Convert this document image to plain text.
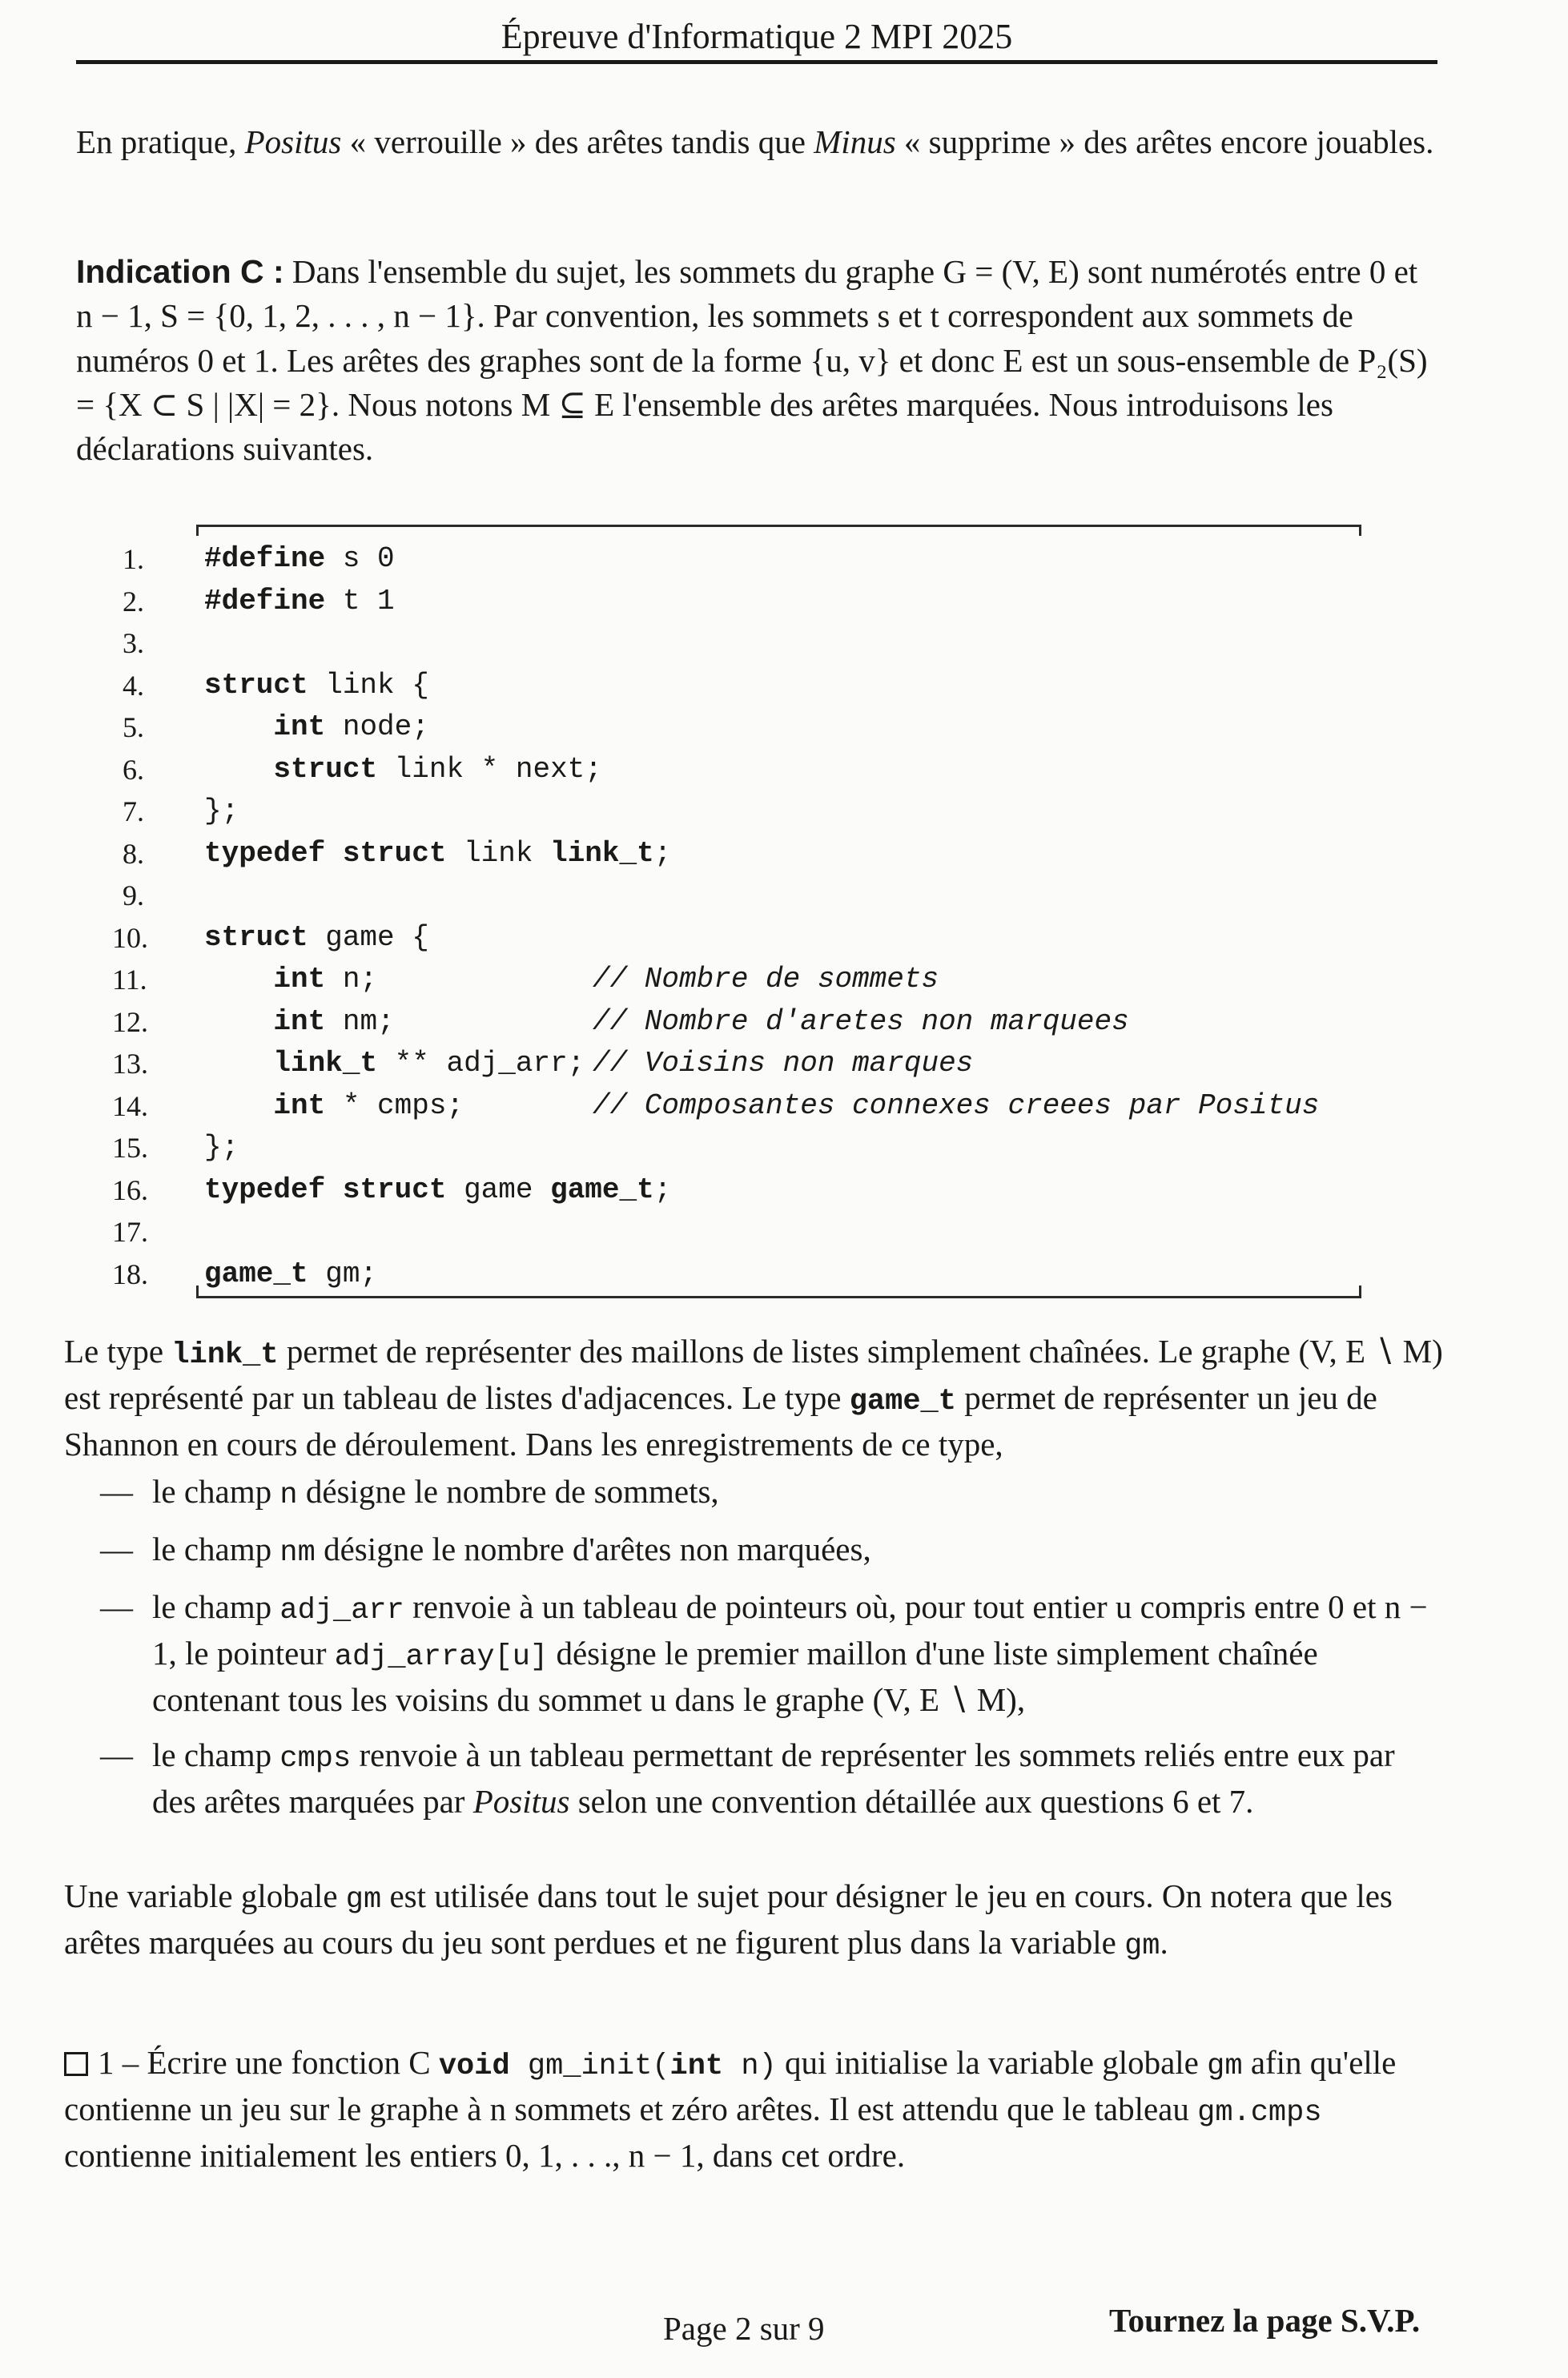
Épreuve d'Informatique 2 MPI 2025

En pratique, Positus « verrouille » des arêtes tandis que Minus « supprime » des arêtes encore jouables.

Indication C : Dans l'ensemble du sujet, les sommets du graphe G = (V, E) sont numérotés entre 0 et n − 1, S = {0, 1, 2, . . . , n − 1}. Par convention, les sommets s et t correspondent aux sommets de numéros 0 et 1. Les arêtes des graphes sont de la forme {u, v} et donc E est un sous-ensemble de P₂(S) = {X ⊂ S | |X| = 2}. Nous notons M ⊆ E l'ensemble des arêtes marquées. Nous introduisons les déclarations suivantes.

1. #define s 0
2. #define t 1
3.
4. struct link {
5.	int node;
6.	struct link * next;
7. };
8. typedef struct link link_t;
9.
10. struct game {
11.	int n;	// Nombre de sommets
12.	int nm;	// Nombre d'aretes non marquees
13.	link_t ** adj_arr; // Voisins non marques
14.	int * cmps;	// Composantes connexes creees par Positus
15. };
16. typedef struct game game_t;
17.
18. game_t gm;

Le type link_t permet de représenter des maillons de listes simplement chaînées. Le graphe (V, E ∖ M) est représenté par un tableau de listes d'adjacences. Le type game_t permet de représenter un jeu de Shannon en cours de déroulement. Dans les enregistrements de ce type,

— le champ n désigne le nombre de sommets,
— le champ nm désigne le nombre d'arêtes non marquées,
— le champ adj_arr renvoie à un tableau de pointeurs où, pour tout entier u compris entre 0 et n − 1, le pointeur adj_array[u] désigne le premier maillon d'une liste simplement chaînée contenant tous les voisins du sommet u dans le graphe (V, E ∖ M),
— le champ cmps renvoie à un tableau permettant de représenter les sommets reliés entre eux par des arêtes marquées par Positus selon une convention détaillée aux questions 6 et 7.

Une variable globale gm est utilisée dans tout le sujet pour désigner le jeu en cours. On notera que les arêtes marquées au cours du jeu sont perdues et ne figurent plus dans la variable gm.

1 – Écrire une fonction C void gm_init(int n) qui initialise la variable globale gm afin qu'elle contienne un jeu sur le graphe à n sommets et zéro arêtes. Il est attendu que le tableau gm.cmps contienne initialement les entiers 0, 1, . . ., n − 1, dans cet ordre.

Page 2 sur 9	Tournez la page S.V.P.
